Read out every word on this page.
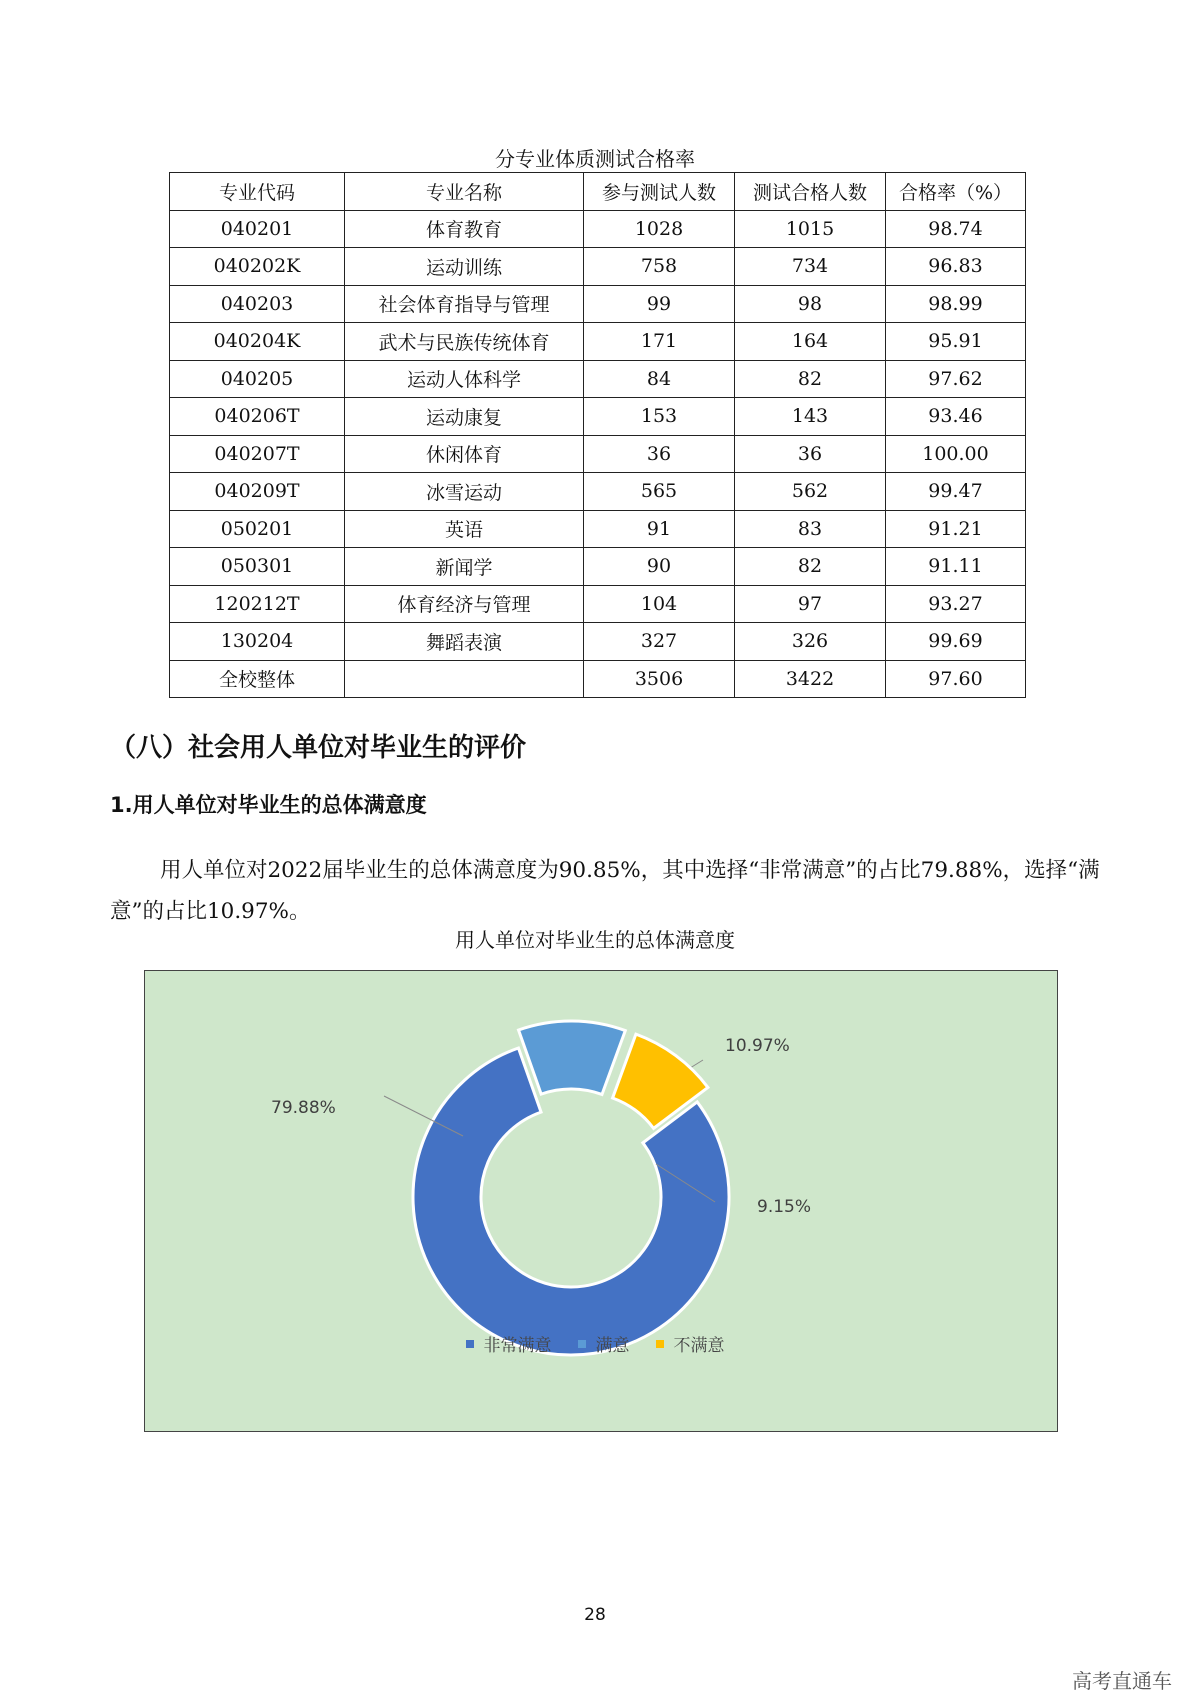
分专业体质测试合格率
专业代码	专业名称	参与测试人数	测试合格人数	合格率（%）
040201	体育教育	1028	1015	98.74
040202K	运动训练	758	734	96.83
040203	社会体育指导与管理	99	98	98.99
040204K	武术与民族传统体育	171	164	95.91
040205	运动人体科学	84	82	97.62
040206T	运动康复	153	143	93.46
040207T	休闲体育	36	36	100.00
040209T	冰雪运动	565	562	99.47
050201	英语	91	83	91.21
050301	新闻学	90	82	91.11
120212T	体育经济与管理	104	97	93.27
130204	舞蹈表演	327	326	99.69
全校整体		3506	3422	97.60
（八）社会用人单位对毕业生的评价
1.用人单位对毕业生的总体满意度

用人单位对2022届毕业生的总体满意度为90.85%，其中选择“非常满意”的占比79.88%，选择“满意”的占比10.97%。

用人单位对毕业生的总体满意度
79.88%
10.97%
9.15%
非常满意	满意	不满意
28
高考直通车
